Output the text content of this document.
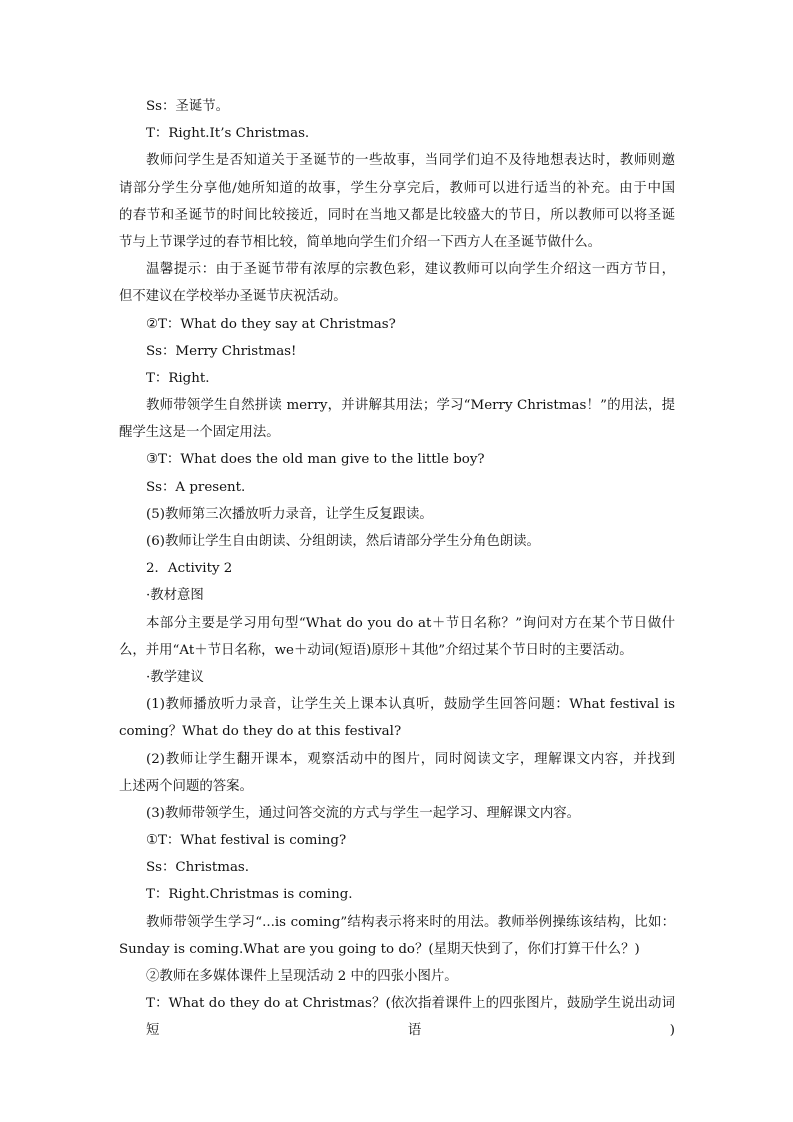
Ss：圣诞节。
T：Right.It’s Christmas.
教师问学生是否知道关于圣诞节的一些故事，当同学们迫不及待地想表达时，教师则邀
请部分学生分享他/她所知道的故事，学生分享完后，教师可以进行适当的补充。由于中国
的春节和圣诞节的时间比较接近，同时在当地又都是比较盛大的节日，所以教师可以将圣诞
节与上节课学过的春节相比较，简单地向学生们介绍一下西方人在圣诞节做什么。
温馨提示：由于圣诞节带有浓厚的宗教色彩，建议教师可以向学生介绍这一西方节日，
但不建议在学校举办圣诞节庆祝活动。
②T：What do they say at Christmas?
Ss：Merry Christmas!
T：Right.
教师带领学生自然拼读 merry，并讲解其用法；学习“Merry Christmas！”的用法，提
醒学生这是一个固定用法。
③T：What does the old man give to the little boy?
Ss：A present.
(5)教师第三次播放听力录音，让学生反复跟读。
(6)教师让学生自由朗读、分组朗读，然后请部分学生分角色朗读。
2．Activity 2
·教材意图
本部分主要是学习用句型“What do you do at＋节日名称？”询问对方在某个节日做什
么，并用“At＋节日名称，we＋动词(短语)原形＋其他”介绍过某个节日时的主要活动。
·教学建议
(1)教师播放听力录音，让学生关上课本认真听，鼓励学生回答问题：What festival is
coming？What do they do at this festival?
(2)教师让学生翻开课本，观察活动中的图片，同时阅读文字，理解课文内容，并找到
上述两个问题的答案。
(3)教师带领学生，通过问答交流的方式与学生一起学习、理解课文内容。
①T：What festival is coming?
Ss：Christmas.
T：Right.Christmas is coming.
教师带领学生学习“...is coming”结构表示将来时的用法。教师举例操练该结构，比如：
Sunday is coming.What are you going to do？(星期天快到了，你们打算干什么？)
②教师在多媒体课件上呈现活动 2 中的四张小图片。
T：What do they do at Christmas？(依次指着课件上的四张图片，鼓励学生说出动词短语)
